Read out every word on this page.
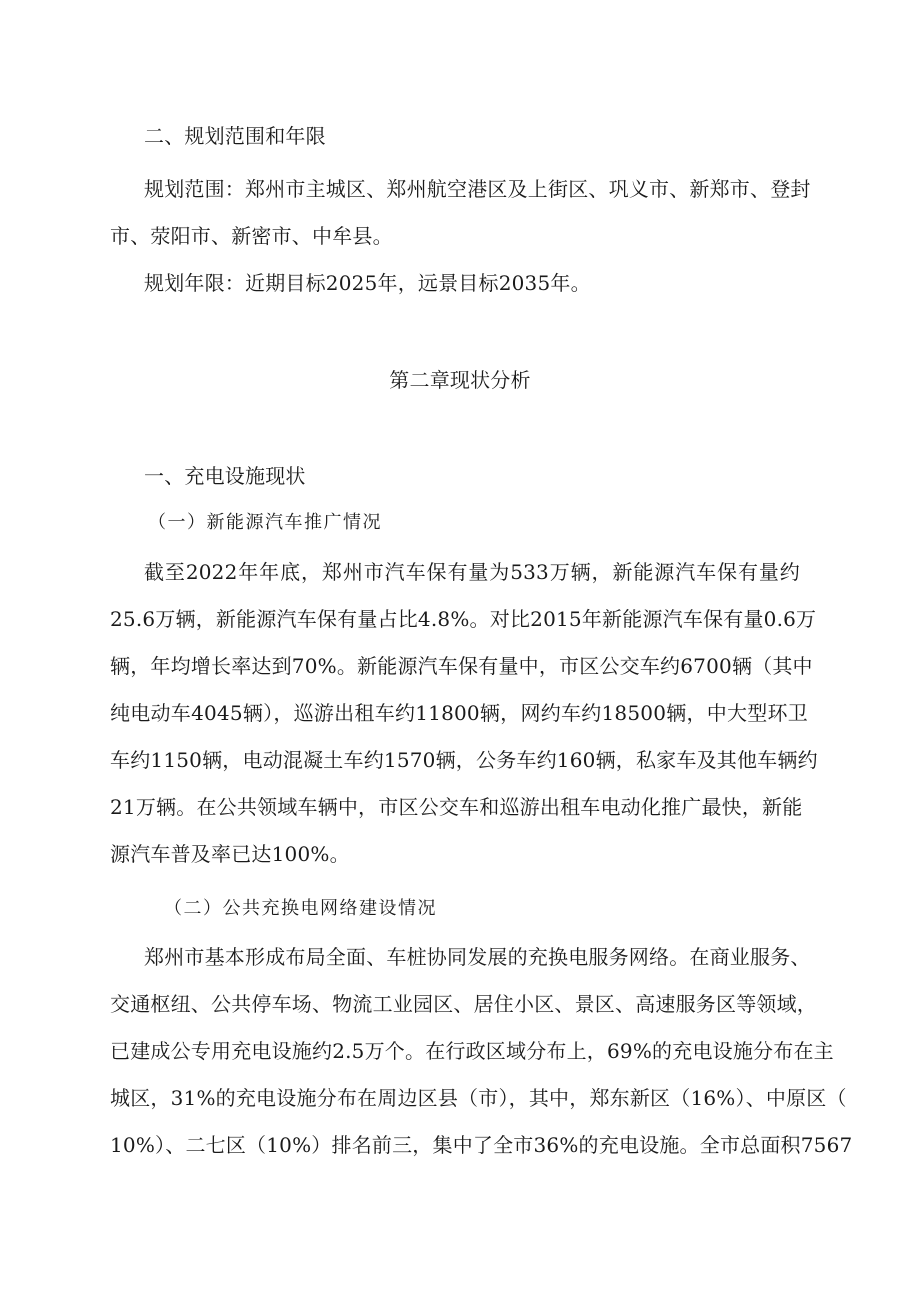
二、规划范围和年限
规划范围：郑州市主城区、郑州航空港区及上街区、巩义市、新郑市、登封
市、荥阳市、新密市、中牟县。
规划年限：近期目标2025年，远景目标2035年。
第二章现状分析
一、充电设施现状
（一）新能源汽车推广情况
截至2022年年底，郑州市汽车保有量为533万辆，新能源汽车保有量约
25.6万辆，新能源汽车保有量占比4.8%。对比2015年新能源汽车保有量0.6万
辆，年均增长率达到70%。新能源汽车保有量中，市区公交车约6700辆（其中
纯电动车4045辆），巡游出租车约11800辆，网约车约18500辆，中大型环卫
车约1150辆，电动混凝土车约1570辆，公务车约160辆，私家车及其他车辆约
21万辆。在公共领域车辆中，市区公交车和巡游出租车电动化推广最快，新能
源汽车普及率已达100%。
（二）公共充换电网络建设情况
郑州市基本形成布局全面、车桩协同发展的充换电服务网络。在商业服务、
交通枢纽、公共停车场、物流工业园区、居住小区、景区、高速服务区等领域，
已建成公专用充电设施约2.5万个。在行政区域分布上，69%的充电设施分布在主
城区，31%的充电设施分布在周边区县（市），其中，郑东新区（16%）、中原区（
10%）、二七区（10%）排名前三，集中了全市36%的充电设施。全市总面积7567
